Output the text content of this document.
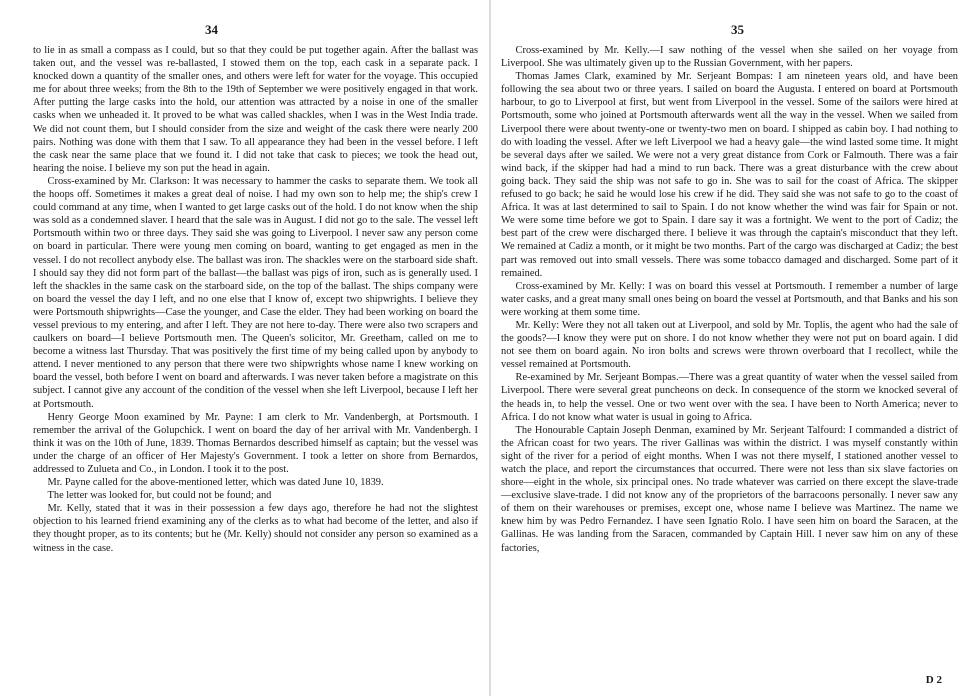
34

to lie in as small a compass as I could, but so that they could be put together again. After the ballast was taken out, and the vessel was re-ballasted, I stowed them on the top, each cask in a separate pack. I knocked down a quantity of the smaller ones, and others were left for water for the voyage. This occupied me for about three weeks; from the 8th to the 19th of September we were positively engaged in that work. After putting the large casks into the hold, our attention was attracted by a noise in one of the smaller casks when we unheaded it. It proved to be what was called shackles, when I was in the West India trade. We did not count them, but I should consider from the size and weight of the cask there were nearly 200 pairs. Nothing was done with them that I saw. To all appearance they had been in the vessel before. I left the cask near the same place that we found it. I did not take that cask to pieces; we took the head out, hearing the noise. I believe my son put the head in again.

Cross-examined by Mr. Clarkson: It was necessary to hammer the casks to separate them. We took all the hoops off. Sometimes it makes a great deal of noise. I had my own son to help me; the ship's crew I could command at any time, when I wanted to get large casks out of the hold. I do not know when the ship was sold as a condemned slaver. I heard that the sale was in August. I did not go to the sale. The vessel left Portsmouth within two or three days. They said she was going to Liverpool. I never saw any person come on board in particular. There were young men coming on board, wanting to get engaged as men in the vessel. I do not recollect anybody else. The ballast was iron. The shackles were on the starboard side shaft. I should say they did not form part of the ballast—the ballast was pigs of iron, such as is generally used. I left the shackles in the same cask on the starboard side, on the top of the ballast. The ships company were on board the vessel the day I left, and no one else that I know of, except two shipwrights. I believe they were Portsmouth shipwrights—Case the younger, and Case the elder. They had been working on board the vessel previous to my entering, and after I left. They are not here to-day. There were also two scrapers and caulkers on board—I believe Portsmouth men. The Queen's solicitor, Mr. Greetham, called on me to become a witness last Thursday. That was positively the first time of my being called upon by anybody to attend. I never mentioned to any person that there were two shipwrights whose name I knew working on board the vessel, both before I went on board and afterwards. I was never taken before a magistrate on this subject. I cannot give any account of the condition of the vessel when she left Liverpool, because I left her at Portsmouth.

Henry George Moon examined by Mr. Payne: I am clerk to Mr. Vandenbergh, at Portsmouth. I remember the arrival of the Golupchick. I went on board the day of her arrival with Mr. Vandenbergh. I think it was on the 10th of June, 1839. Thomas Bernardos described himself as captain; but the vessel was under the charge of an officer of Her Majesty's Government. I took a letter on shore from Bernardos, addressed to Zulueta and Co., in London. I took it to the post.

Mr. Payne called for the above-mentioned letter, which was dated June 10, 1839.

The letter was looked for, but could not be found; and

Mr. Kelly, stated that it was in their possession a few days ago, therefore he had not the slightest objection to his learned friend examining any of the clerks as to what had become of the letter, and also if they thought proper, as to its contents; but he (Mr. Kelly) should not consider any person so examined as a witness in the case.

35

Cross-examined by Mr. Kelly.—I saw nothing of the vessel when she sailed on her voyage from Liverpool. She was ultimately given up to the Russian Government, with her papers.

Thomas James Clark, examined by Mr. Serjeant Bompas: I am nineteen years old, and have been following the sea about two or three years. I sailed on board the Augusta. I entered on board at Portsmouth harbour, to go to Liverpool at first, but went from Liverpool in the vessel. Some of the sailors were hired at Portsmouth, some who joined at Portsmouth afterwards went all the way in the vessel. When we sailed from Liverpool there were about twenty-one or twenty-two men on board. I shipped as cabin boy. I had nothing to do with loading the vessel. After we left Liverpool we had a heavy gale—the wind lasted some time. It might be several days after we sailed. We were not a very great distance from Cork or Falmouth. There was a fair wind back, if the skipper had had a mind to run back. There was a great disturbance with the crew about going back. They said the ship was not safe to go in. She was to sail for the coast of Africa. The skipper refused to go back; he said he would lose his crew if he did. They said she was not safe to go to the coast of Africa. It was at last determined to sail to Spain. I do not know whether the wind was fair for Spain or not. We were some time before we got to Spain. I dare say it was a fortnight. We went to the port of Cadiz; the best part of the crew were discharged there. I believe it was through the captain's misconduct that they left. We remained at Cadiz a month, or it might be two months. Part of the cargo was discharged at Cadiz; the best part was removed out into small vessels. There was some tobacco damaged and discharged. Some part of it remained.

Cross-examined by Mr. Kelly: I was on board this vessel at Portsmouth. I remember a number of large water casks, and a great many small ones being on board the vessel at Portsmouth, and that Banks and his son were working at them some time.

Mr. Kelly: Were they not all taken out at Liverpool, and sold by Mr. Toplis, the agent who had the sale of the goods?—I know they were put on shore. I do not know whether they were not put on board again. I did not see them on board again. No iron bolts and screws were thrown overboard that I recollect, while the vessel remained at Portsmouth.

Re-examined by Mr. Serjeant Bompas.—There was a great quantity of water when the vessel sailed from Liverpool. There were several great puncheons on deck. In consequence of the storm we knocked several of the heads in, to help the vessel. One or two went over with the sea. I have been to North America; never to Africa. I do not know what water is usual in going to Africa.

The Honourable Captain Joseph Denman, examined by Mr. Serjeant Talfourd: I commanded a district of the African coast for two years. The river Gallinas was within the district. I was myself constantly within sight of the river for a period of eight months. When I was not there myself, I stationed another vessel to watch the place, and report the circumstances that occurred. There were not less than six slave factories on shore—eight in the whole, six principal ones. No trade whatever was carried on there except the slave-trade—exclusive slave-trade. I did not know any of the proprietors of the barracoons personally. I never saw any of them on their warehouses or premises, except one, whose name I believe was Martinez. The name we knew him by was Pedro Fernandez. I have seen Ignatio Rolo. I have seen him on board the Saracen, at the Gallinas. He was landing from the Saracen, commanded by Captain Hill. I never saw him on any of these factories,

D 2
